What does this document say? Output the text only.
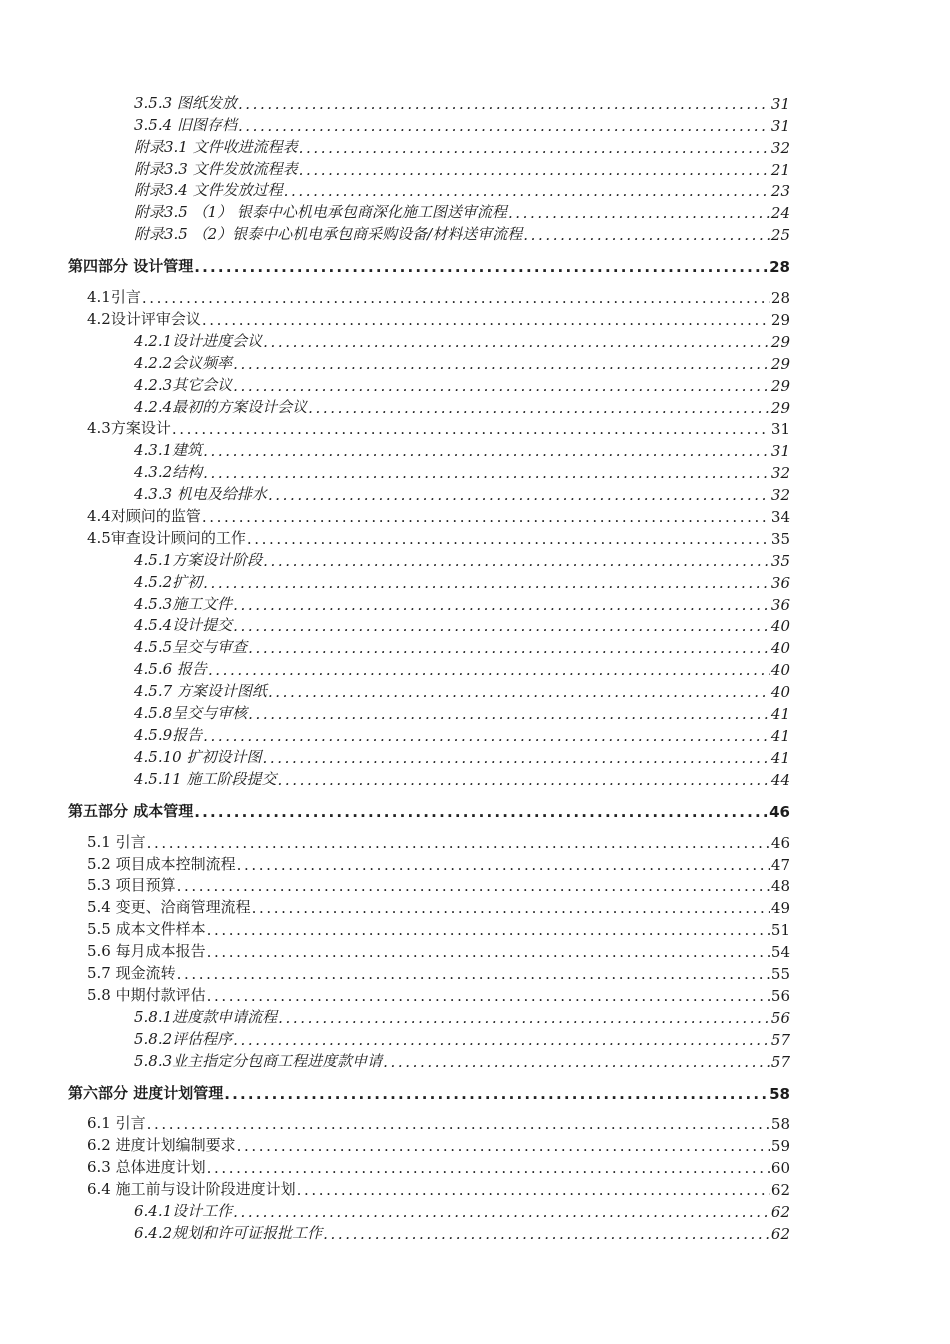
3.5.3 图纸发放 .....	31
3.5.4 旧图存档 .....	31
附录3.1 文件收进流程表 .....	32
附录3.3 文件发放流程表 .....	21
附录3.4 文件发放过程 .....	23
附录3.5 （1） 银泰中心机电承包商深化施工图送审流程 .....	24
附录3.5 （2）银泰中心机电承包商采购设备/材料送审流程 .....	25
第四部分 设计管理 .....	28
4.1引言 .....	28
4.2设计评审会议 .....	29
4.2.1设计进度会议 .....	29
4.2.2会议频率 .....	29
4.2.3其它会议 .....	29
4.2.4最初的方案设计会议 .....	29
4.3方案设计 .....	31
4.3.1建筑 .....	31
4.3.2结构 .....	32
4.3.3 机电及给排水 .....	32
4.4对顾问的监管 .....	34
4.5审查设计顾问的工作 .....	35
4.5.1方案设计阶段 .....	35
4.5.2扩初 .....	36
4.5.3施工文件 .....	36
4.5.4设计提交 .....	40
4.5.5呈交与审查 .....	40
4.5.6 报告 .....	40
4.5.7 方案设计图纸 .....	40
4.5.8呈交与审核 .....	41
4.5.9报告 .....	41
4.5.10 扩初设计图 .....	41
4.5.11 施工阶段提交 .....	44
第五部分 成本管理 .....	46
5.1 引言 .....	46
5.2 项目成本控制流程 .....	47
5.3 项目预算 .....	48
5.4 变更、洽商管理流程 .....	49
5.5 成本文件样本 .....	51
5.6 每月成本报告 .....	54
5.7 现金流转 .....	55
5.8 中期付款评估 .....	56
5.8.1进度款申请流程 .....	56
5.8.2评估程序 .....	57
5.8.3业主指定分包商工程进度款申请 .....	57
第六部分 进度计划管理 .....	58
6.1 引言 .....	58
6.2 进度计划编制要求 .....	59
6.3 总体进度计划 .....	60
6.4 施工前与设计阶段进度计划 .....	62
6.4.1设计工作 .....	62
6.4.2规划和许可证报批工作 .....	62
